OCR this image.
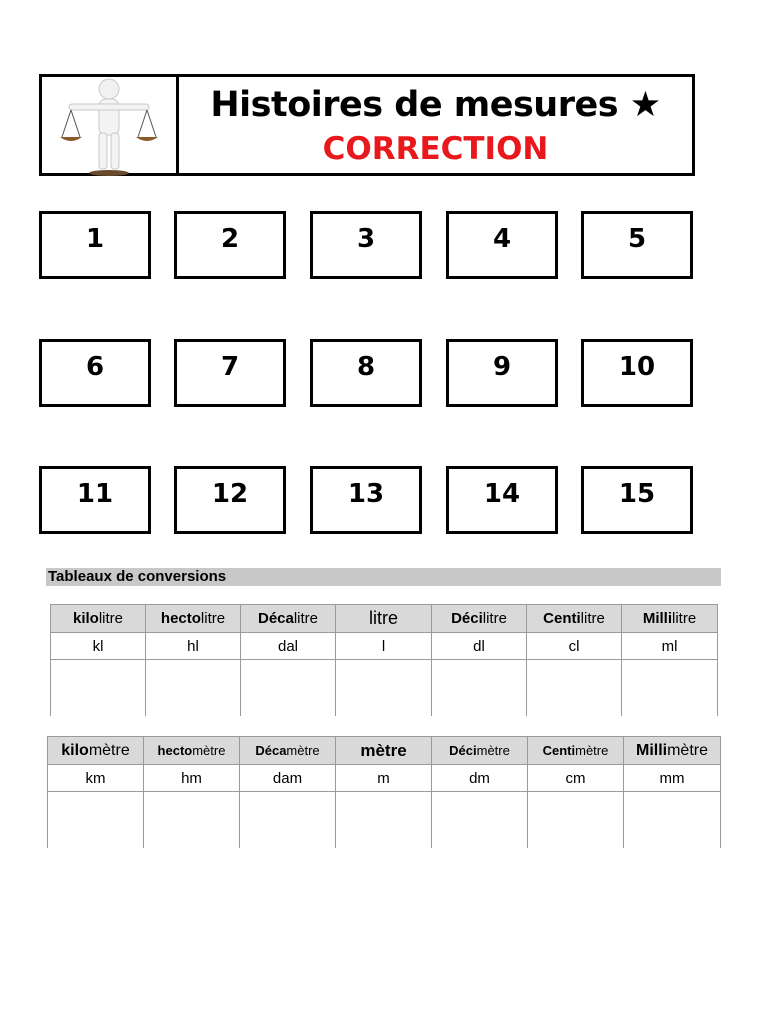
Histoires de mesures ★
CORRECTION
1	2	3	4	5
6	7	8	9	10
11	12	13	14	15
Tableaux de conversions
kilolitre	hectolitre	Décalitre	litre	Décilitre	Centilitre	Millilitre
kl	hl	dal	l	dl	cl	ml

kilomètre	hectomètre	Décamètre	mètre	Décimètre	Centimètre	Millimètre
km	hm	dam	m	dm	cm	mm
